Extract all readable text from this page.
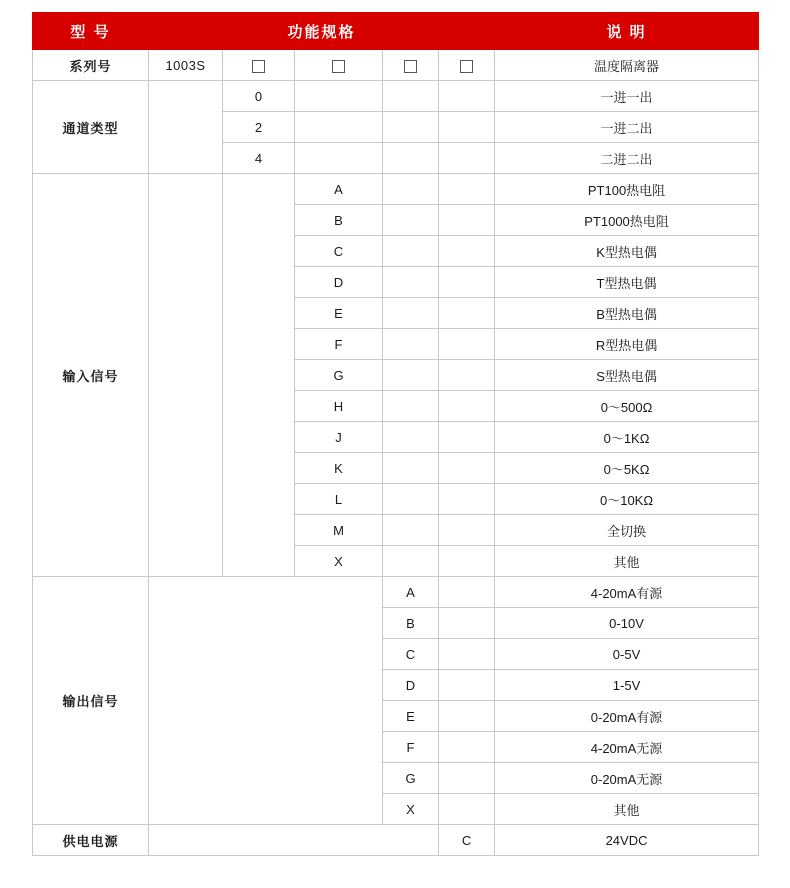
型 号	功能规格					说 明
系列号	1003S					温度隔离器
通道类型		0				一进一出
		2				一进二出
		4				二进二出
输入信号			A			PT100热电阻
			B			PT1000热电阻
			C			K型热电偶
			D			T型热电偶
			E			B型热电偶
			F			R型热电偶
			G			S型热电偶
			H			0～500Ω
			J			0～1KΩ
			K			0～5KΩ
			L			0～10KΩ
			M			全切换
			X			其他
输出信号				A		4-20mA有源
				B		0-10V
				C		0-5V
				D		1-5V
				E		0-20mA有源
				F		4-20mA无源
				G		0-20mA无源
				X		其他
供电电源					C	24VDC
